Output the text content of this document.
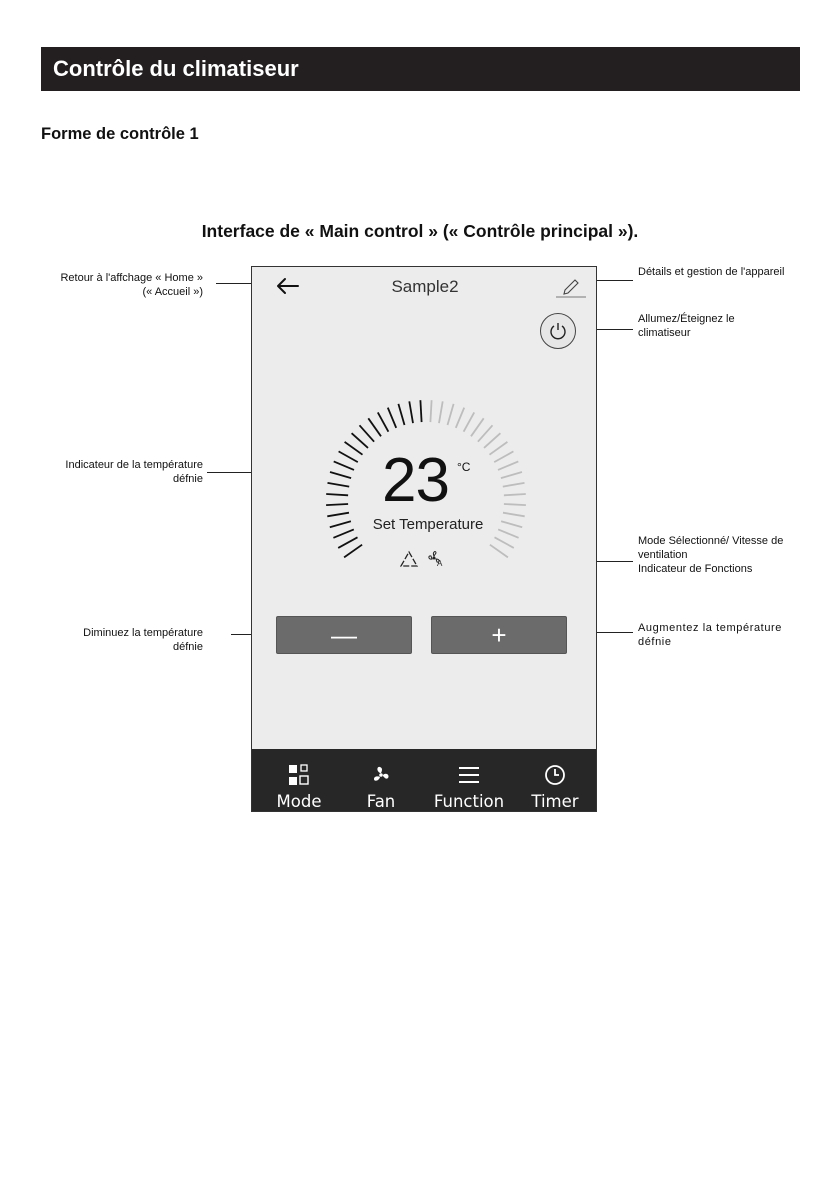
Contrôle du climatiseur
Forme de contrôle 1
Interface de « Main control » (« Contrôle principal »).
Retour à l'affchage « Home »
(« Accueil »)
Indicateur de la température
défnie
Diminuez la température
défnie
Détails et gestion de l'appareil
Allumez/Éteignez le
climatiseur
Mode Sélectionné/ Vitesse de
ventilation
Indicateur de Fonctions
Augmentez la température
défnie
Sample2
23 °C
Set Temperature
A
—	+
Mode	Fan	Function	Timer
